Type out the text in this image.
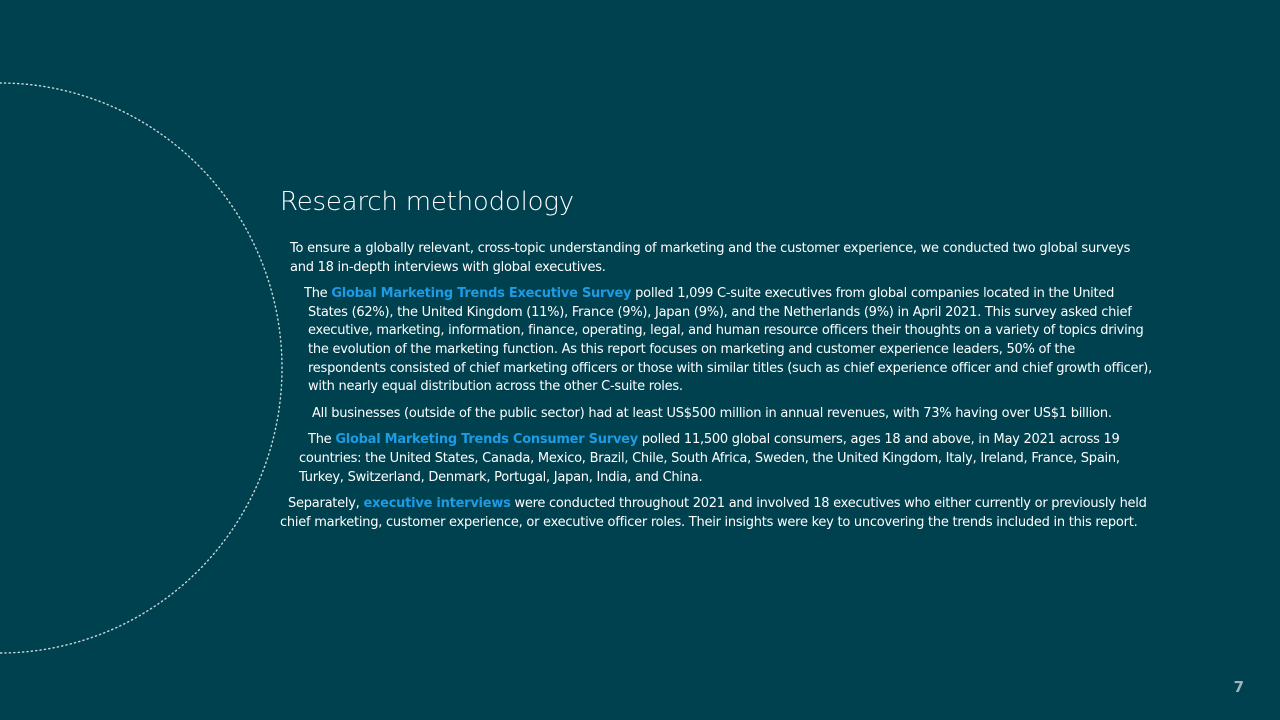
Research methodology

To ensure a globally relevant, cross-topic understanding of marketing and the customer experience, we conducted two global surveys and 18 in-depth interviews with global executives.

The Global Marketing Trends Executive Survey polled 1,099 C-suite executives from global companies located in the United States (62%), the United Kingdom (11%), France (9%), Japan (9%), and the Netherlands (9%) in April 2021. This survey asked chief executive, marketing, information, finance, operating, legal, and human resource officers their thoughts on a variety of topics driving the evolution of the marketing function. As this report focuses on marketing and customer experience leaders, 50% of the respondents consisted of chief marketing officers or those with similar titles (such as chief experience officer and chief growth officer), with nearly equal distribution across the other C-suite roles.

All businesses (outside of the public sector) had at least US$500 million in annual revenues, with 73% having over US$1 billion.

The Global Marketing Trends Consumer Survey polled 11,500 global consumers, ages 18 and above, in May 2021 across 19 countries: the United States, Canada, Mexico, Brazil, Chile, South Africa, Sweden, the United Kingdom, Italy, Ireland, France, Spain, Turkey, Switzerland, Denmark, Portugal, Japan, India, and China.

Separately, executive interviews were conducted throughout 2021 and involved 18 executives who either currently or previously held chief marketing, customer experience, or executive officer roles. Their insights were key to uncovering the trends included in this report.

7
